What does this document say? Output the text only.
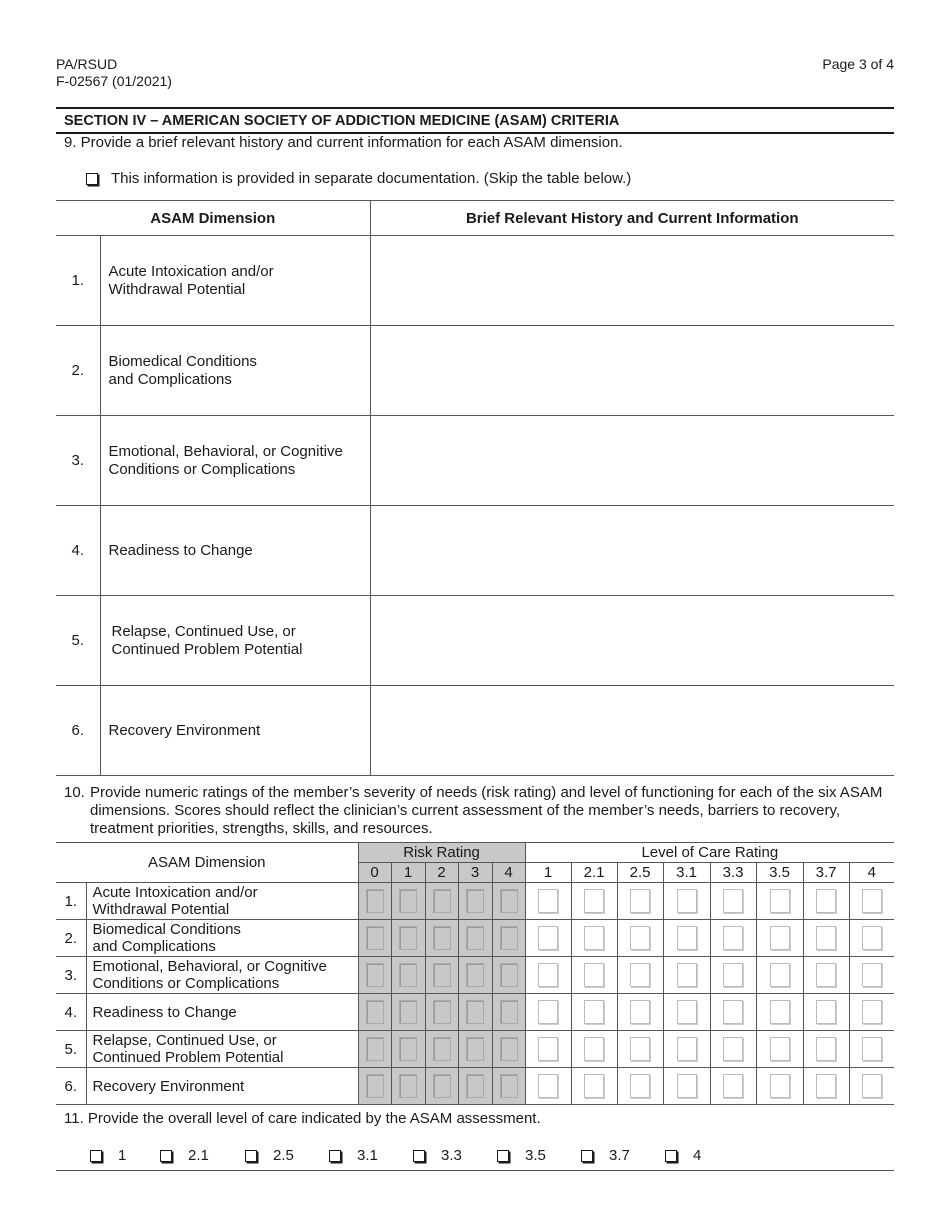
PA/RSUD
F-02567 (01/2021)
Page 3 of 4
SECTION IV – AMERICAN SOCIETY OF ADDICTION MEDICINE (ASAM) CRITERIA
9. Provide a brief relevant history and current information for each ASAM dimension.
This information is provided in separate documentation. (Skip the table below.)
ASAM Dimension		Brief Relevant History and Current Information
1.	Acute Intoxication and/or
Withdrawal Potential	

2.	Biomedical Conditions
and Complications	

3.	Emotional, Behavioral, or Cognitive
Conditions or Complications	

4.	Readiness to Change	

5.	Relapse, Continued Use, or
Continued Problem Potential	

6.	Recovery Environment	

10. Provide numeric ratings of the member’s severity of needs (risk rating) and level of functioning for each of the six ASAM dimensions. Scores should reflect the clinician’s current assessment of the member’s needs, barriers to recovery, treatment priorities, strengths, skills, and resources.
ASAM Dimension		Risk Rating					Level of Care Rating							
		0	1	2	3	4	1	2.1	2.5	3.1	3.3	3.5	3.7	4
1.	Acute Intoxication and/or
Withdrawal Potential													

2.	Biomedical Conditions
and Complications													

3.	Emotional, Behavioral, or Cognitive
Conditions or Complications													

4.	Readiness to Change													

5.	Relapse, Continued Use, or
Continued Problem Potential													

6.	Recovery Environment													

11. Provide the overall level of care indicated by the ASAM assessment.
1	2.1	2.5	3.1	3.3	3.5	3.7	4
